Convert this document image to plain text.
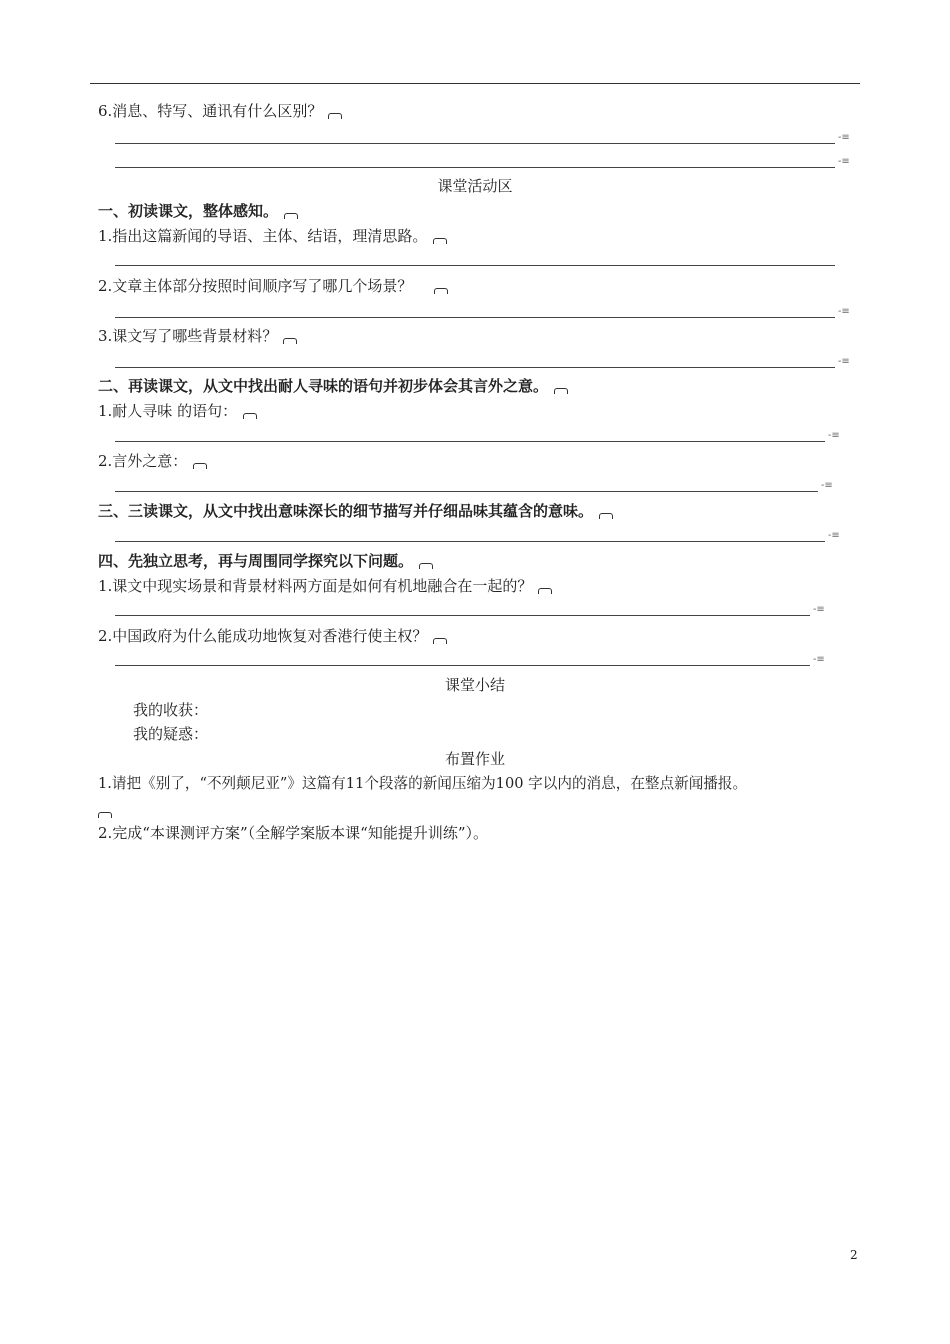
6.消息、特写、通讯有什么区别？
-≡
-≡
课堂活动区
一、初读课文，整体感知。
1.指出这篇新闻的导语、主体、结语，理清思路。
2.文章主体部分按照时间顺序写了哪几个场景？
-≡
3.课文写了哪些背景材料？
-≡
二、再读课文，从文中找出耐人寻味的语句并初步体会其言外之意。
1.耐人寻味 的语句：
-≡
2.言外之意：
-≡
三、三读课文，从文中找出意味深长的细节描写并仔细品味其蕴含的意味。
-≡
四、先独立思考，再与周围同学探究以下问题。
1.课文中现实场景和背景材料两方面是如何有机地融合在一起的？
-≡
2.中国政府为什么能成功地恢复对香港行使主权？
-≡
课堂小结
我的收获：
我的疑惑：
布置作业
1.请把《别了，“不列颠尼亚”》这篇有11个段落的新闻压缩为100 字以内的消息，在整点新闻播报。
2.完成“本课测评方案”（全解学案版本课“知能提升训练”）。
2
